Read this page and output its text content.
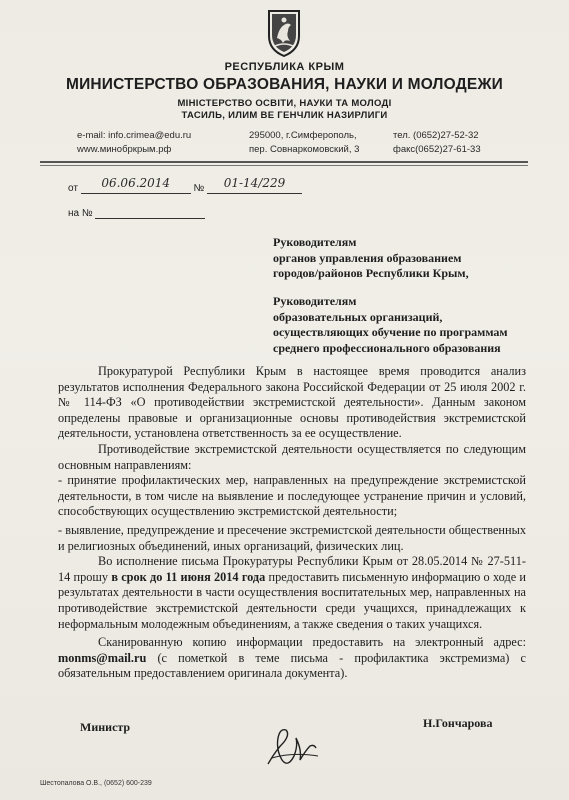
РЕСПУБЛИКА КРЫМ
МИНИСТЕРСТВО ОБРАЗОВАНИЯ, НАУКИ И МОЛОДЕЖИ
МІНІСТЕРСТВО ОСВІТИ, НАУКИ ТА МОЛОДІ
ТАСИЛЬ, ИЛИМ ВЕ ГЕНЧЛИК НАЗИРЛИГИ
e-mail: info.crimea@edu.ru
www.минобркрым.рф
295000, г.Симферополь,
пер. Совнаркомовский, 3
тел. (0652)27-52-32
факс(0652)27-61-33
от 06.06.2014 № 01-14/229
на №
Руководителям
органов управления образованием
городов/районов Республики Крым,
Руководителям
образовательных организаций,
осуществляющих обучение по программам
среднего профессионального образования

Прокуратурой Республики Крым в настоящее время проводится анализ результатов исполнения Федерального закона Российской Федерации от 25 июля 2002 г. № 114-ФЗ «О противодействии экстремистской деятельности». Данным законом определены правовые и организационные основы противодействия экстремистской деятельности, установлена ответственность за ее осуществление.

Противодействие экстремистской деятельности осуществляется по следующим основным направлениям:

- принятие профилактических мер, направленных на предупреждение экстремистской деятельности, в том числе на выявление и последующее устранение причин и условий, способствующих осуществлению экстремистской деятельности;

- выявление, предупреждение и пресечение экстремистской деятельности общественных и религиозных объединений, иных организаций, физических лиц.

Во исполнение письма Прокуратуры Республики Крым от 28.05.2014 № 27-511-14 прошу в срок до 11 июня 2014 года предоставить письменную информацию о ходе и результатах деятельности в части осуществления воспитательных мер, направленных на противодействие экстремистской деятельности среди учащихся, принадлежащих к неформальным молодежным объединениям, а также сведения о таких учащихся.

Сканированную копию информации предоставить на электронный адрес: monms@mail.ru (с пометкой в теме письма - профилактика экстремизма) с обязательным предоставлением оригинала документа).

Министр	Н.Гончарова
Шестопалова О.В., (0652) 600-239
